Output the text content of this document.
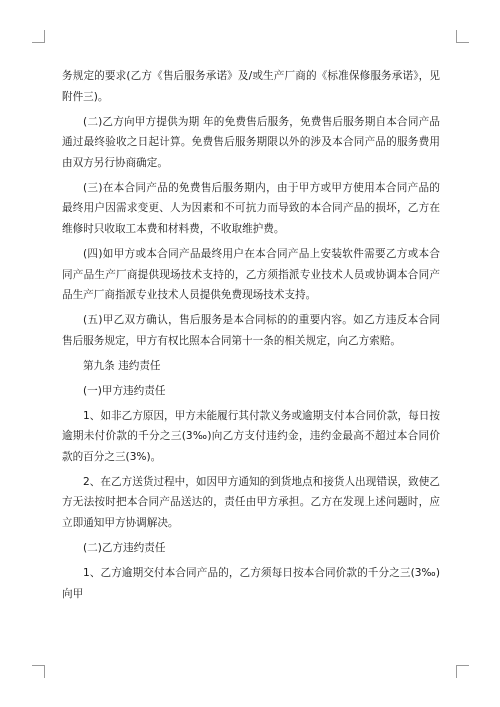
务规定的要求(乙方《售后服务承诺》及/或生产厂商的《标准保修服务承诺》，见附件三)。

(二)乙方向甲方提供为期 年的免费售后服务，免费售后服务期自本合同产品通过最终验收之日起计算。免费售后服务期限以外的涉及本合同产品的服务费用由双方另行协商确定。

(三)在本合同产品的免费售后服务期内，由于甲方或甲方使用本合同产品的最终用户因需求变更、人为因素和不可抗力而导致的本合同产品的损坏，乙方在维修时只收取工本费和材料费，不收取维护费。

(四)如甲方或本合同产品最终用户在本合同产品上安装软件需要乙方或本合同产品生产厂商提供现场技术支持的，乙方须指派专业技术人员或协调本合同产品生产厂商指派专业技术人员提供免费现场技术支持。

(五)甲乙双方确认，售后服务是本合同标的的重要内容。如乙方违反本合同售后服务规定，甲方有权比照本合同第十一条的相关规定，向乙方索赔。

第九条 违约责任

(一)甲方违约责任

1、如非乙方原因，甲方未能履行其付款义务或逾期支付本合同价款，每日按逾期未付价款的千分之三(3‰)向乙方支付违约金，违约金最高不超过本合同价款的百分之三(3%)。

2、在乙方送货过程中，如因甲方通知的到货地点和接货人出现错误，致使乙方无法按时把本合同产品送达的，责任由甲方承担。乙方在发现上述问题时，应立即通知甲方协调解决。

(二)乙方违约责任

1、乙方逾期交付本合同产品的，乙方须每日按本合同价款的千分之三(3‰)向甲
